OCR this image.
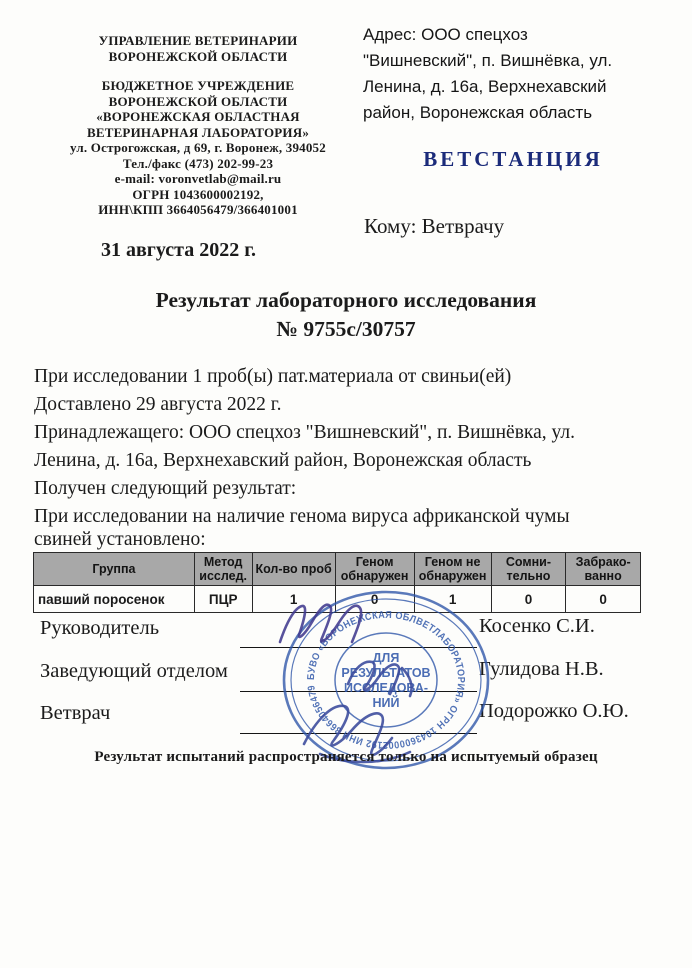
УПРАВЛЕНИЕ ВЕТЕРИНАРИИ
ВОРОНЕЖСКОЙ ОБЛАСТИ
БЮДЖЕТНОЕ УЧРЕЖДЕНИЕ
ВОРОНЕЖСКОЙ ОБЛАСТИ
«ВОРОНЕЖСКАЯ ОБЛАСТНАЯ
ВЕТЕРИНАРНАЯ ЛАБОРАТОРИЯ»
ул. Острогожская, д 69, г. Воронеж, 394052
Тел./факс (473) 202-99-23
e-mail: voronvetlab@mail.ru
ОГРН 1043600002192,
ИНН\КПП 3664056479/366401001
Адрес: ООО спецхоз
"Вишневский", п. Вишнёвка, ул.
Ленина, д. 16а, Верхнехавский
район, Воронежская область
ВЕТСТАНЦИЯ
Кому: Ветврачу
31 августа 2022 г.
Результат лабораторного исследования
№ 9755с/30757
При исследовании 1 проб(ы) пат.материала от свиньи(ей)
Доставлено 29 августа 2022 г.
Принадлежащего: ООО спецхоз "Вишневский", п. Вишнёвка, ул.
Ленина, д. 16а, Верхнехавский район, Воронежская область
Получен следующий результат:
При исследовании на наличие генома вируса африканской чумы
свиней установлено:
Группа	Метод исслед.	Кол-во проб	Геном обнаружен	Геном не обнаружен	Сомни- тельно	Забрако- ванно
павший поросенок	ПЦР	1	0	1	0	0
Руководитель	Косенко С.И.
Заведующий отделом	Гулидова Н.В.
Ветврач	Подорожко О.Ю.
БУВО «ВОРОНЕЖСКАЯ ОБЛВЕТЛАБОРАТОРИЯ» ОГРН 1043600002192 ИНН 3664056479
ДЛЯ
РЕЗУЛЬТАТОВ
ИССЛЕДОВА-
НИЙ
Результат испытаний распространяется только на испытуемый образец
